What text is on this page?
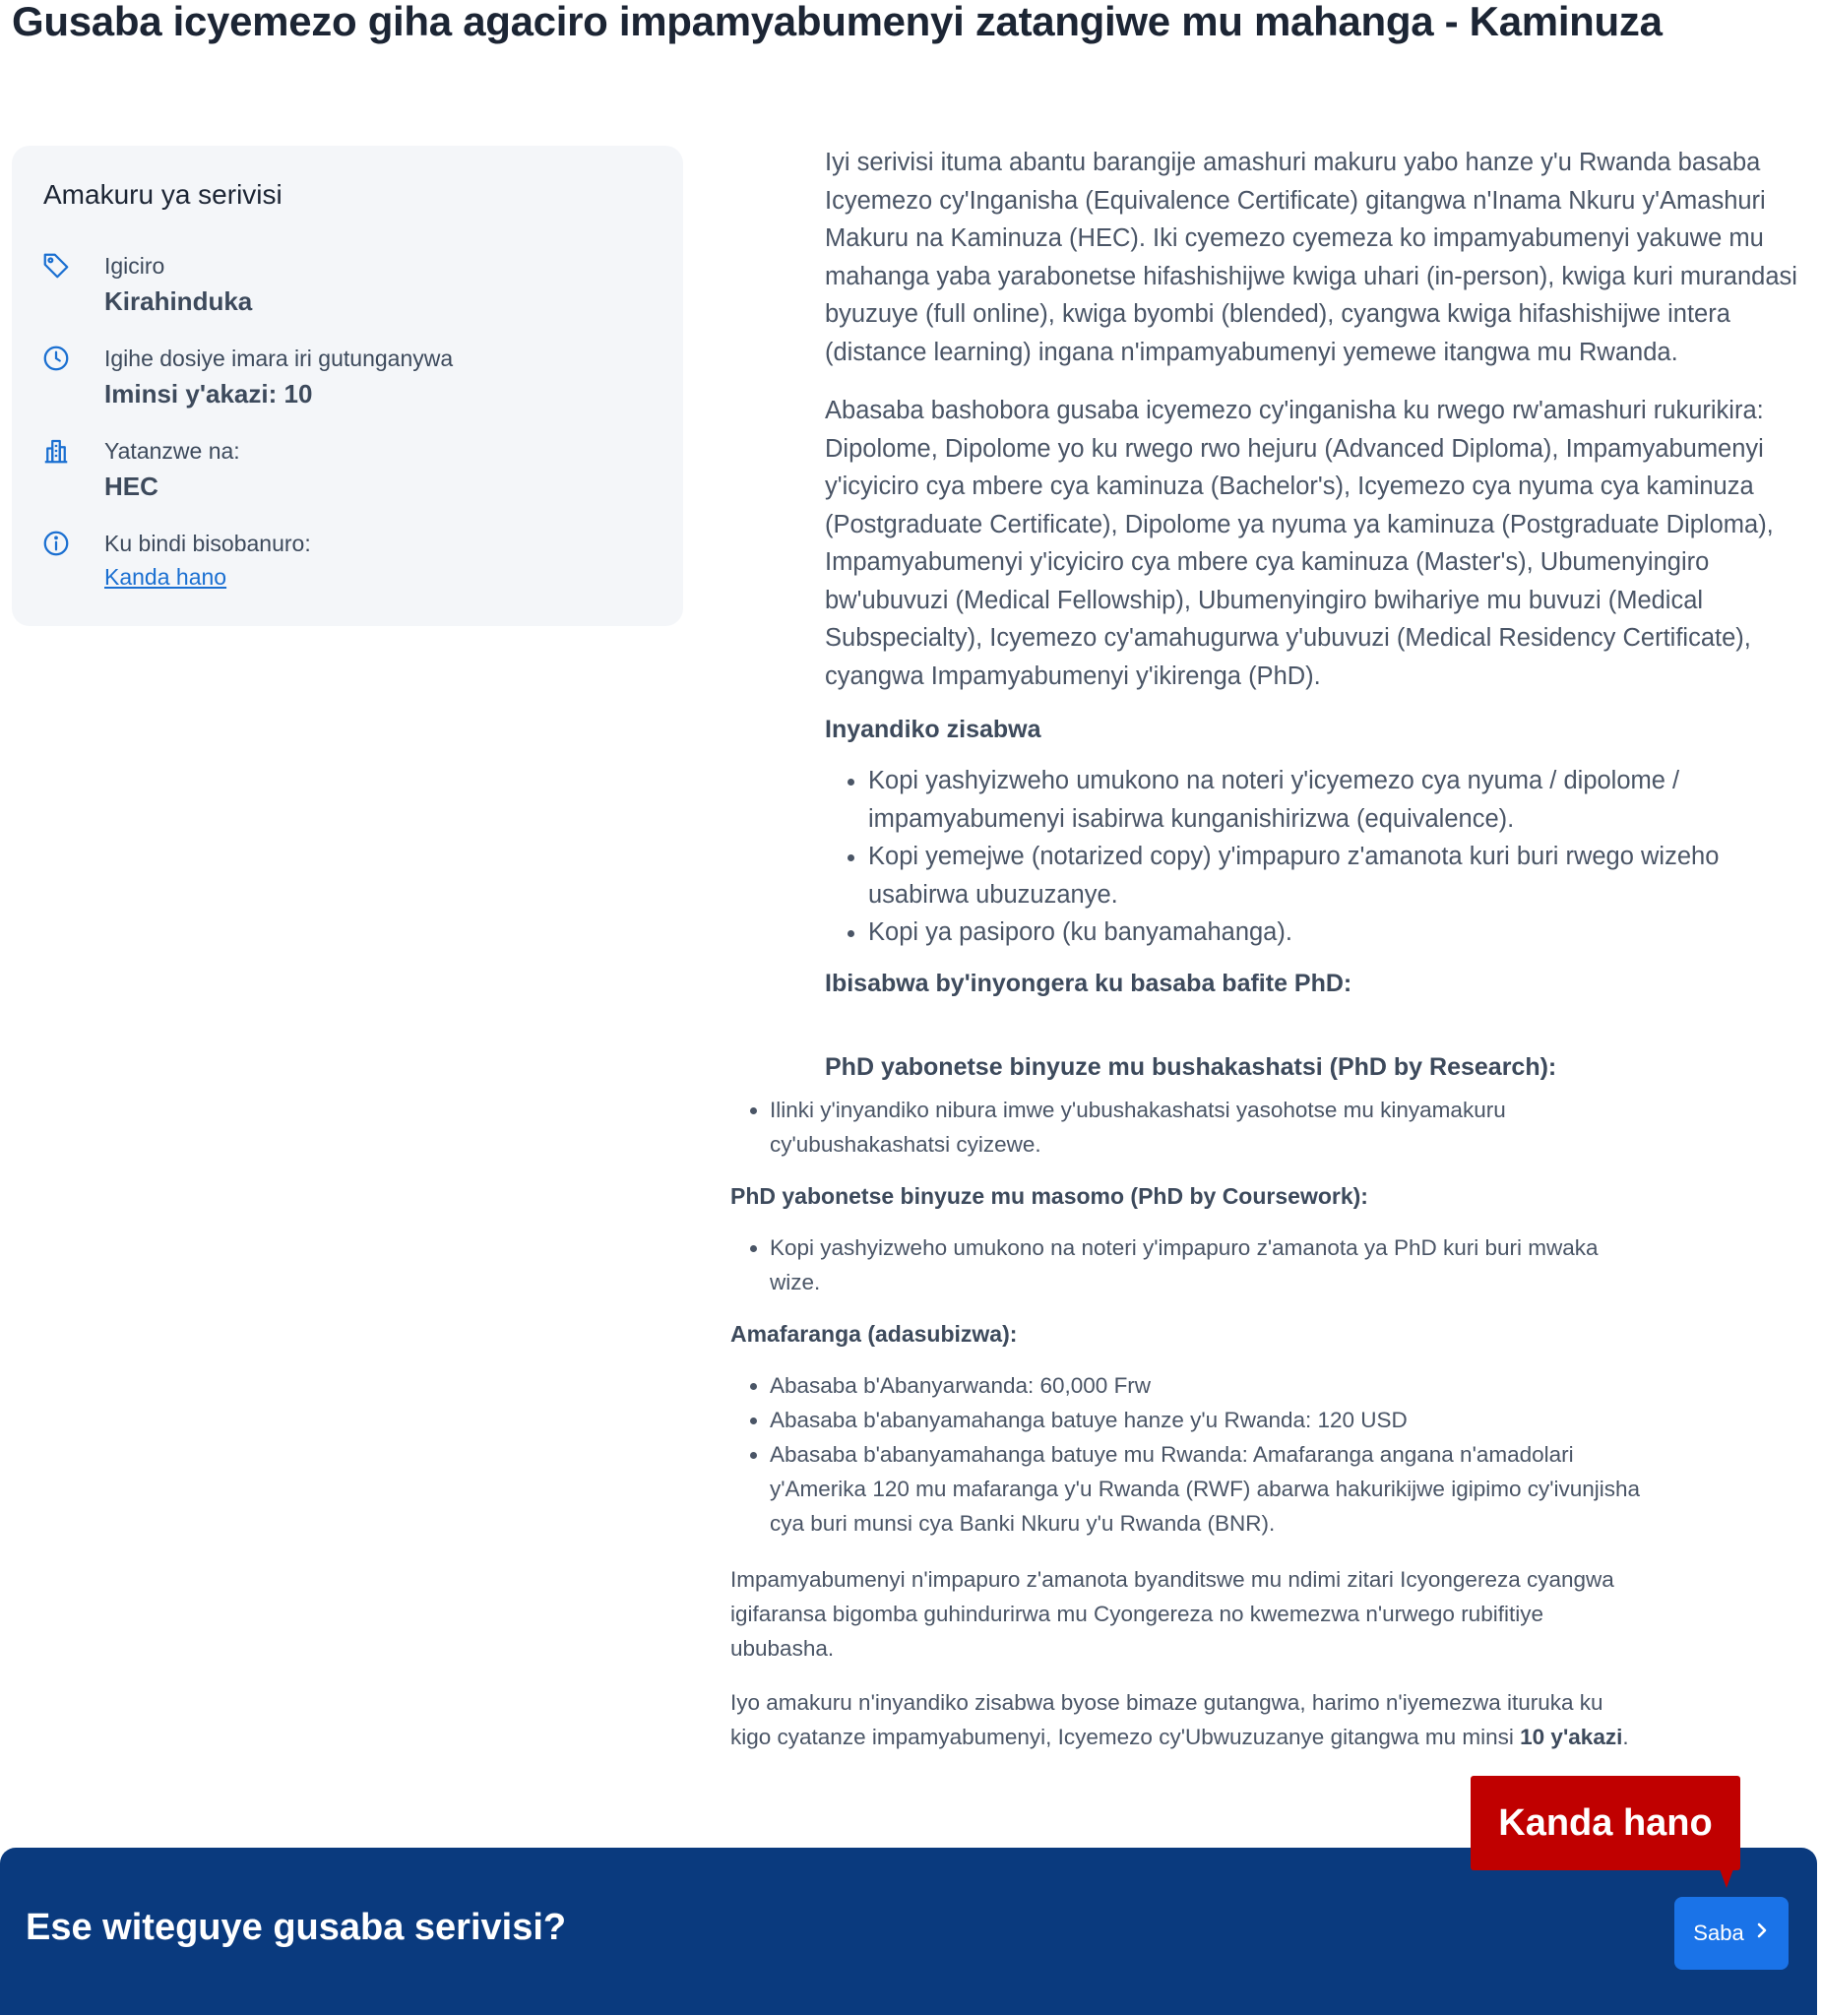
Gusaba icyemezo giha agaciro impamyabumenyi zatangiwe mu mahanga - Kaminuza
Amakuru ya serivisi
Igiciro
Kirahinduka
Igihe dosiye imara iri gutunganywa
Iminsi y'akazi: 10
Yatanzwe na:
HEC
Ku bindi bisobanuro:
Kanda hano

Iyi serivisi ituma abantu barangije amashuri makuru yabo hanze y'u Rwanda basaba Icyemezo cy'Inganisha (Equivalence Certificate) gitangwa n'Inama Nkuru y'Amashuri Makuru na Kaminuza (HEC). Iki cyemezo cyemeza ko impamyabumenyi yakuwe mu mahanga yaba yarabonetse hifashishijwe kwiga uhari (in-person), kwiga kuri murandasi byuzuye (full online), kwiga byombi (blended), cyangwa kwiga hifashishijwe intera (distance learning) ingana n'impamyabumenyi yemewe itangwa mu Rwanda.

Abasaba bashobora gusaba icyemezo cy'inganisha ku rwego rw'amashuri rukurikira: Dipolome, Dipolome yo ku rwego rwo hejuru (Advanced Diploma), Impamyabumenyi y'icyiciro cya mbere cya kaminuza (Bachelor's), Icyemezo cya nyuma cya kaminuza (Postgraduate Certificate), Dipolome ya nyuma ya kaminuza (Postgraduate Diploma), Impamyabumenyi y'icyiciro cya mbere cya kaminuza (Master's), Ubumenyingiro bw'ubuvuzi (Medical Fellowship), Ubumenyingiro bwihariye mu buvuzi (Medical Subspecialty), Icyemezo cy'amahugurwa y'ubuvuzi (Medical Residency Certificate), cyangwa Impamyabumenyi y'ikirenga (PhD).

Inyandiko zisabwa
• Kopi yashyizweho umukono na noteri y'icyemezo cya nyuma / dipolome / impamyabumenyi isabirwa kunganishirizwa (equivalence).
• Kopi yemejwe (notarized copy) y'impapuro z'amanota kuri buri rwego wizeho usabirwa ubuzuzanye.
• Kopi ya pasiporo (ku banyamahanga).
Ibisabwa by'inyongera ku basaba bafite PhD:
PhD yabonetse binyuze mu bushakashatsi (PhD by Research):
• Ilinki y'inyandiko nibura imwe y'ubushakashatsi yasohotse mu kinyamakuru cy'ubushakashatsi cyizewe.
PhD yabonetse binyuze mu masomo (PhD by Coursework):
• Kopi yashyizweho umukono na noteri y'impapuro z'amanota ya PhD kuri buri mwaka wize.
Amafaranga (adasubizwa):
• Abasaba b'Abanyarwanda: 60,000 Frw
• Abasaba b'abanyamahanga batuye hanze y'u Rwanda: 120 USD
• Abasaba b'abanyamahanga batuye mu Rwanda: Amafaranga angana n'amadolari y'Amerika 120 mu mafaranga y'u Rwanda (RWF) abarwa hakurikijwe igipimo cy'ivunjisha cya buri munsi cya Banki Nkuru y'u Rwanda (BNR).

Impamyabumenyi n'impapuro z'amanota byanditswe mu ndimi zitari Icyongereza cyangwa igifaransa bigomba guhindurirwa mu Cyongereza no kwemezwa n'urwego rubifitiye ububasha.

Iyo amakuru n'inyandiko zisabwa byose bimaze gutangwa, harimo n'iyemezwa ituruka ku kigo cyatanze impamyabumenyi, Icyemezo cy'Ubwuzuzanye gitangwa mu minsi 10 y'akazi.

Ese witeguye gusaba serivisi?	Saba
Kanda hano
